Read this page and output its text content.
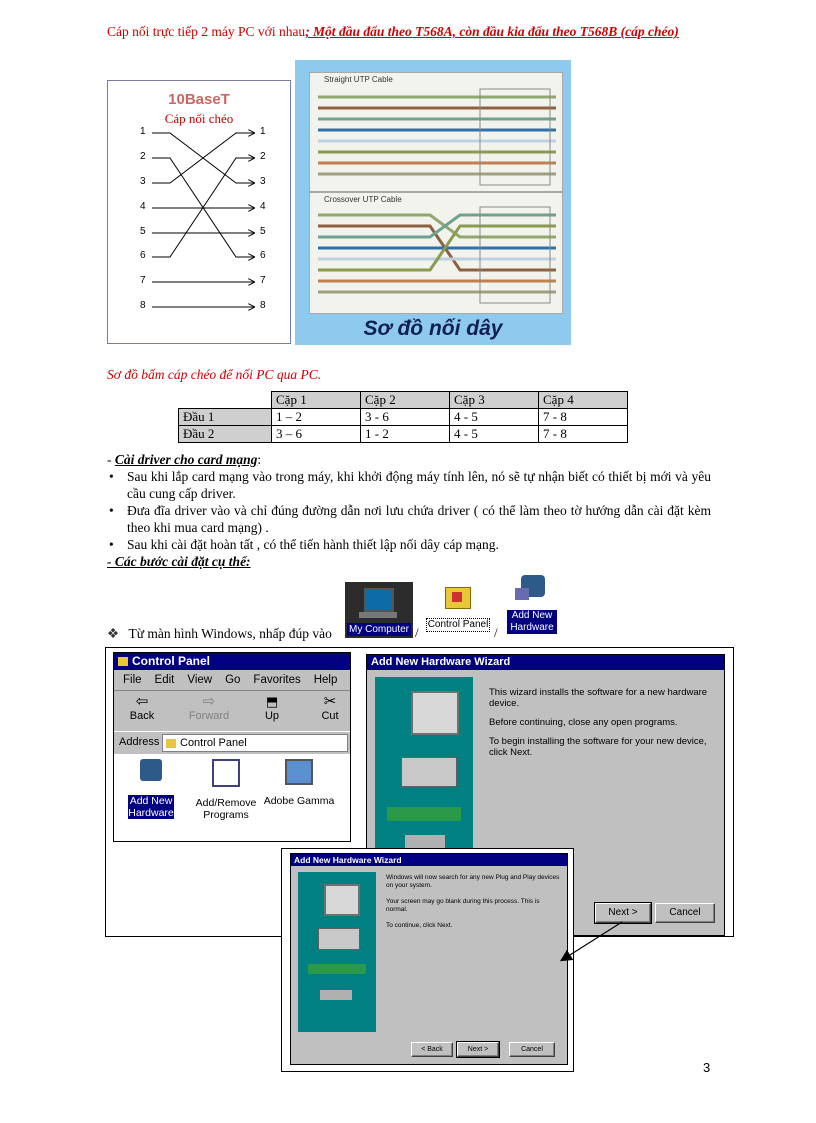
Cáp nối trực tiếp 2 máy PC với nhau; Một đầu đấu theo T568A, còn đầu kia đấu theo T568B (cáp chéo)
10BaseT
Cáp nối chéo
1	1
2	2
3	3
4	4
5	5
6	6
7	7
8	8
Straight UTP Cable
Crossover UTP Cable
Sơ đồ nối dây
Sơ đồ bấm cáp chéo để nối PC qua PC.
	Cặp 1	Cặp 2	Cặp 3	Cặp 4
Đầu 1	1 – 2	3 - 6	4 - 5	7 - 8
Đầu 2	3 – 6	1 - 2	4 - 5	7 - 8
- Cài driver cho card mạng:
• Sau khi lắp card mạng vào trong máy, khi khởi động máy tính lên, nó sẽ tự nhận biết có thiết bị mới và yêu cầu cung cấp driver.
• Đưa đĩa driver vào và chỉ đúng đường dẫn nơi lưu chứa driver ( có thể làm theo tờ hướng dẫn cài đặt kèm theo khi mua card mạng) .
• Sau khi cài đặt hoàn tất , có thể tiến hành thiết lập nối dây cáp mạng.
- Các bước cài đặt cụ thể:
❖ Từ màn hình Windows, nhấp đúp vào My Computer /
Control Panel
/
Add New Hardware
Control Panel
File Edit View Go Favorites Help
⇦
Back
⇨
Forward
⬒
Up
✂
Cut
Address	Control Panel
Add New Hardware
Add/Remove Programs
Adobe Gamma
Add New Hardware Wizard

This wizard installs the software for a new hardware device.

Before continuing, close any open programs.

To begin installing the software for your new device, click Next.

Next >	Cancel
Add New Hardware Wizard

Windows will now search for any new Plug and Play devices on your system.

Your screen may go blank during this process. This is normal.

To continue, click Next.

< Back	Next >	Cancel
3
